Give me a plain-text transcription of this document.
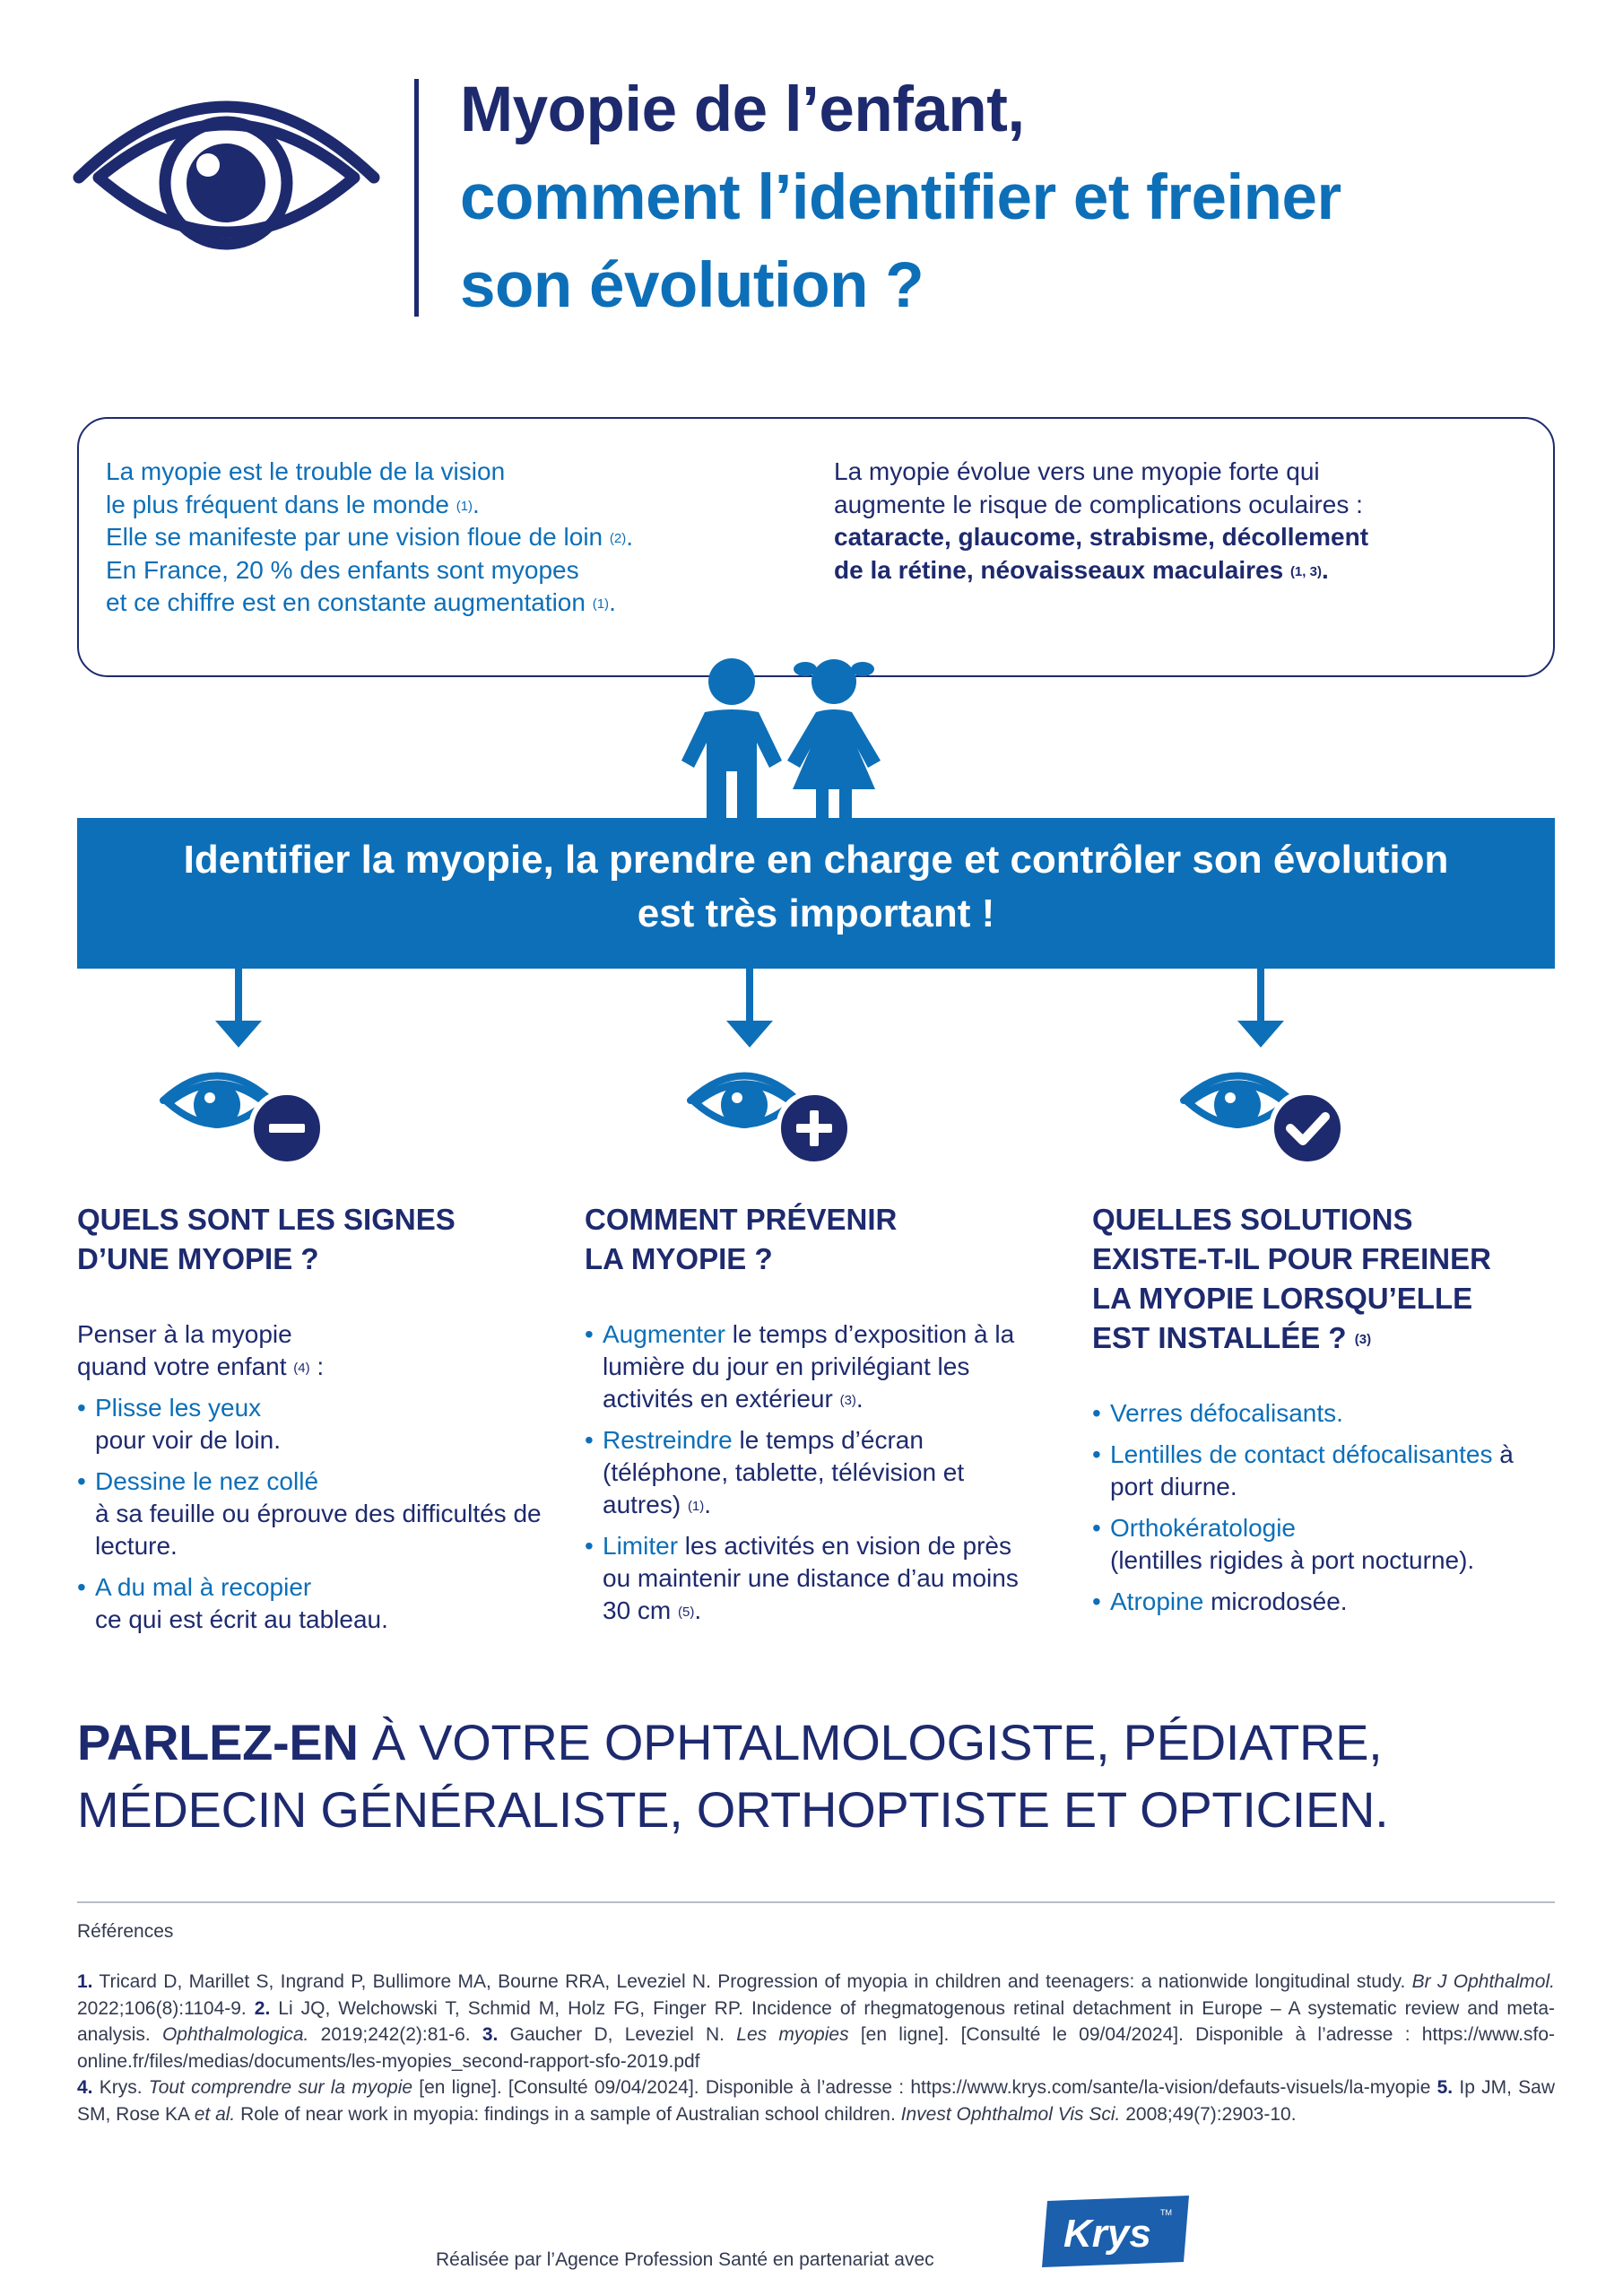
Myopie de l’enfant,
comment l’identifier et freiner
son évolution ?
La myopie est le trouble de la vision
le plus fréquent dans le monde $^{(1)}$.
Elle se manifeste par une vision floue de loin $^{(2)}$.
En France, 20 % des enfants sont myopes
et ce chiffre est en constante augmentation $^{(1)}$.
La myopie évolue vers une myopie forte qui
augmente le risque de complications oculaires :
cataracte, glaucome, strabisme, décollement
de la rétine, néovaisseaux maculaires $^{(1, 3)}$.
Identifier la myopie, la prendre en charge et contrôler son évolution
est très important !
QUELS SONT LES SIGNES
D’UNE MYOPIE ?
Penser à la myopie
quand votre enfant $^{(4)}$ :
• Plisse les yeux
pour voir de loin.
• Dessine le nez collé
à sa feuille ou éprouve des difficultés de lecture.
• A du mal à recopier
ce qui est écrit au tableau.
COMMENT PRÉVENIR
LA MYOPIE ?
• Augmenter le temps d’exposition à la lumière du jour en privilégiant les activités en extérieur $^{(3)}$.
• Restreindre le temps d’écran (téléphone, tablette, télévision et autres) $^{(1)}$.
• Limiter les activités en vision de près ou maintenir une distance d’au moins 30 cm $^{(5)}$.
QUELLES SOLUTIONS
EXISTE-T-IL POUR FREINER
LA MYOPIE LORSQU’ELLE
EST INSTALLÉE ? $^{(3)}$
• Verres défocalisants.
• Lentilles de contact défocalisantes à port diurne.
• Orthokératologie
(lentilles rigides à port nocturne).
• Atropine microdosée.
PARLEZ-EN À VOTRE OPHTALMOLOGISTE, PÉDIATRE,
MÉDECIN GÉNÉRALISTE, ORTHOPTISTE ET OPTICIEN.
Références
1. Tricard D, Marillet S, Ingrand P, Bullimore MA, Bourne RRA, Leveziel N. Progression of myopia in children and teenagers: a nationwide longitudinal study. Br J Ophthalmol. 2022;106(8):1104-9. 2. Li JQ, Welchowski T, Schmid M, Holz FG, Finger RP. Incidence of rhegmatogenous retinal detachment in Europe – A systematic review and meta-analysis. Ophthalmologica. 2019;242(2):81-6. 3. Gaucher D, Leveziel N. Les myopies [en ligne]. [Consulté le 09/04/2024]. Disponible à l’adresse : https://www.sfo-online.fr/files/medias/documents/les-myopies_second-rapport-sfo-2019.pdf
4. Krys. Tout comprendre sur la myopie [en ligne]. [Consulté 09/04/2024]. Disponible à l’adresse : https://www.krys.com/sante/la-vision/defauts-visuels/la-myopie 5. Ip JM, Saw SM, Rose KA et al. Role of near work in myopia: findings in a sample of Australian school children. Invest Ophthalmol Vis Sci. 2008;49(7):2903-10.
Réalisée par l’Agence Profession Santé en partenariat avec
Krys TM
